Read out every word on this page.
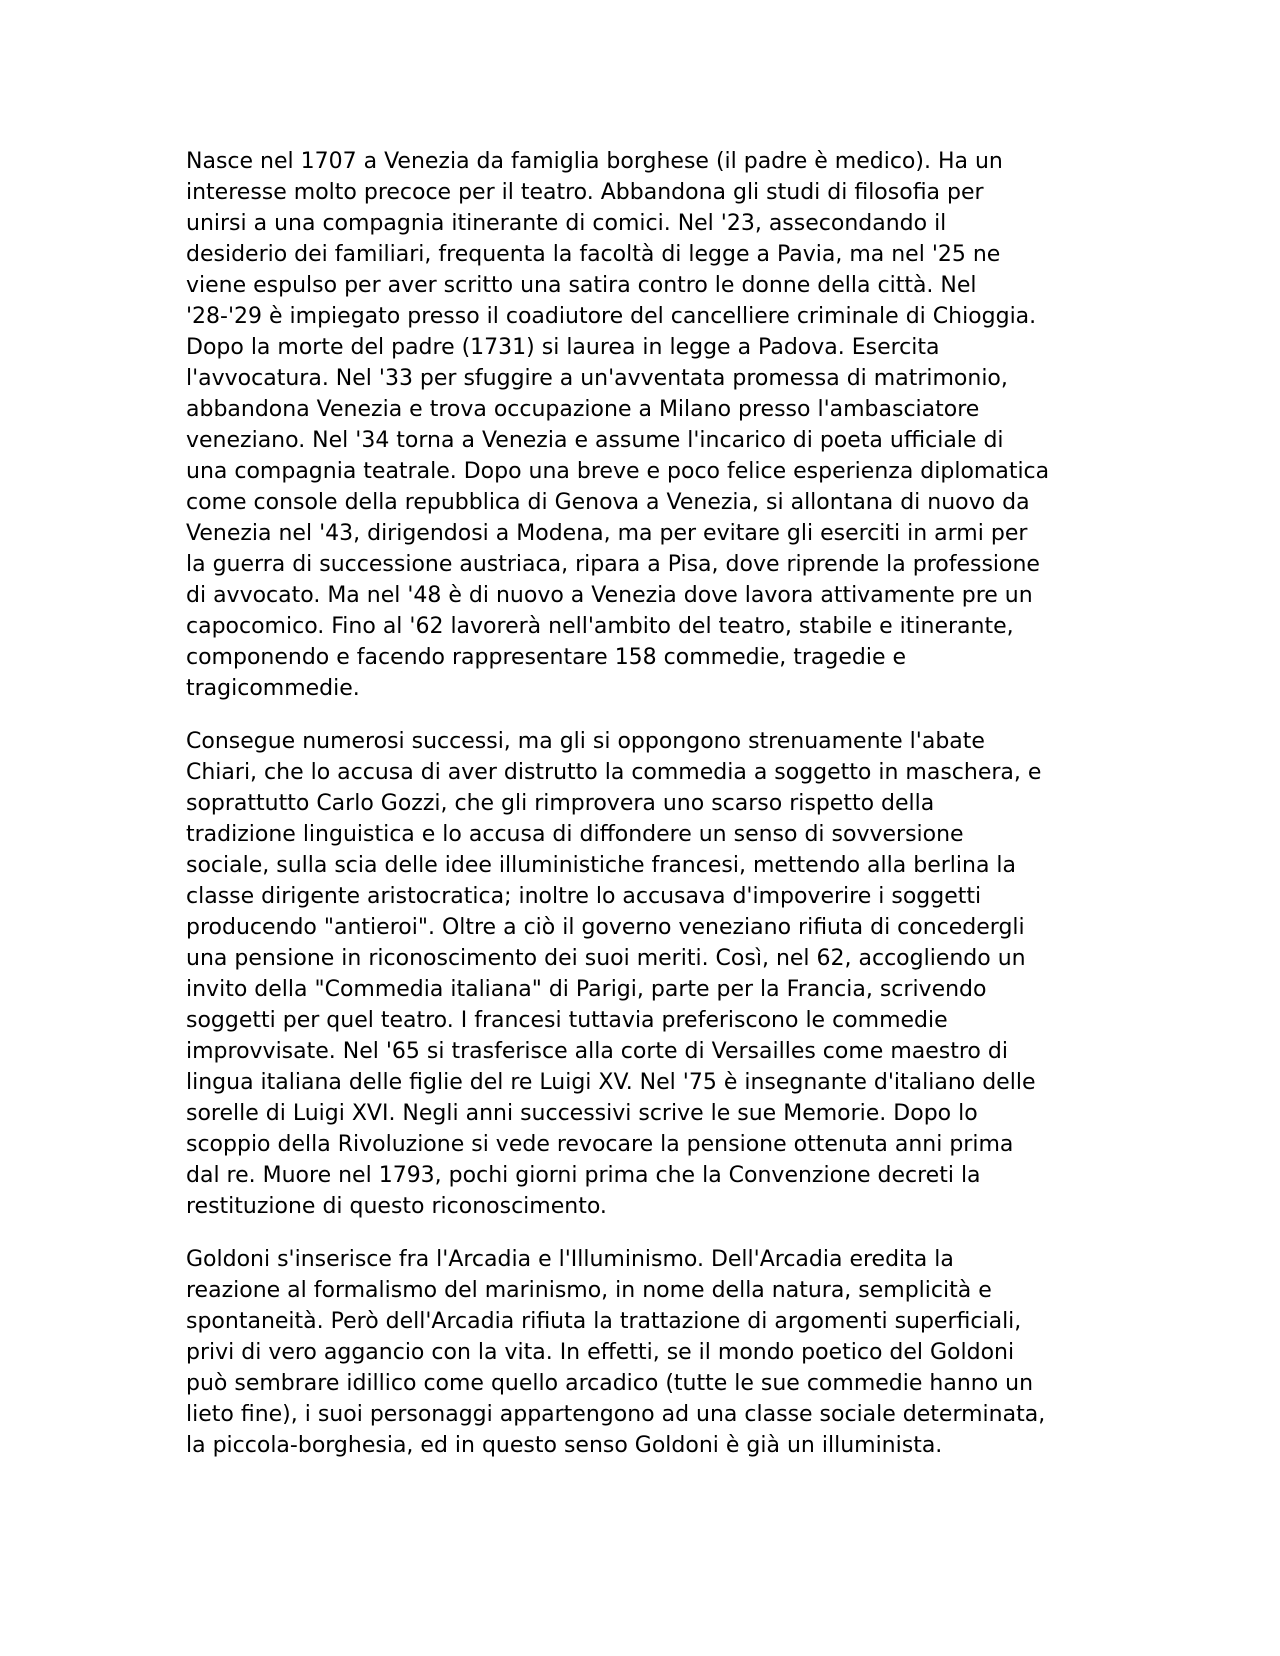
Nasce nel 1707 a Venezia da famiglia borghese (il padre è medico). Ha un
interesse molto precoce per il teatro. Abbandona gli studi di filosofia per
unirsi a una compagnia itinerante di comici. Nel '23, assecondando il
desiderio dei familiari, frequenta la facoltà di legge a Pavia, ma nel '25 ne
viene espulso per aver scritto una satira contro le donne della città. Nel
'28-'29 è impiegato presso il coadiutore del cancelliere criminale di Chioggia.
Dopo la morte del padre (1731) si laurea in legge a Padova. Esercita
l'avvocatura. Nel '33 per sfuggire a un'avventata promessa di matrimonio,
abbandona Venezia e trova occupazione a Milano presso l'ambasciatore
veneziano. Nel '34 torna a Venezia e assume l'incarico di poeta ufficiale di
una compagnia teatrale. Dopo una breve e poco felice esperienza diplomatica
come console della repubblica di Genova a Venezia, si allontana di nuovo da
Venezia nel '43, dirigendosi a Modena, ma per evitare gli eserciti in armi per
la guerra di successione austriaca, ripara a Pisa, dove riprende la professione
di avvocato. Ma nel '48 è di nuovo a Venezia dove lavora attivamente pre un
capocomico. Fino al '62 lavorerà nell'ambito del teatro, stabile e itinerante,
componendo e facendo rappresentare 158 commedie, tragedie e
tragicommedie.

Consegue numerosi successi, ma gli si oppongono strenuamente l'abate
Chiari, che lo accusa di aver distrutto la commedia a soggetto in maschera, e
soprattutto Carlo Gozzi, che gli rimprovera uno scarso rispetto della
tradizione linguistica e lo accusa di diffondere un senso di sovversione
sociale, sulla scia delle idee illuministiche francesi, mettendo alla berlina la
classe dirigente aristocratica; inoltre lo accusava d'impoverire i soggetti
producendo "antieroi". Oltre a ciò il governo veneziano rifiuta di concedergli
una pensione in riconoscimento dei suoi meriti. Così, nel 62, accogliendo un
invito della "Commedia italiana" di Parigi, parte per la Francia, scrivendo
soggetti per quel teatro. I francesi tuttavia preferiscono le commedie
improvvisate. Nel '65 si trasferisce alla corte di Versailles come maestro di
lingua italiana delle figlie del re Luigi XV. Nel '75 è insegnante d'italiano delle
sorelle di Luigi XVI. Negli anni successivi scrive le sue Memorie. Dopo lo
scoppio della Rivoluzione si vede revocare la pensione ottenuta anni prima
dal re. Muore nel 1793, pochi giorni prima che la Convenzione decreti la
restituzione di questo riconoscimento.

Goldoni s'inserisce fra l'Arcadia e l'Illuminismo. Dell'Arcadia eredita la
reazione al formalismo del marinismo, in nome della natura, semplicità e
spontaneità. Però dell'Arcadia rifiuta la trattazione di argomenti superficiali,
privi di vero aggancio con la vita. In effetti, se il mondo poetico del Goldoni
può sembrare idillico come quello arcadico (tutte le sue commedie hanno un
lieto fine), i suoi personaggi appartengono ad una classe sociale determinata,
la piccola-borghesia, ed in questo senso Goldoni è già un illuminista.
